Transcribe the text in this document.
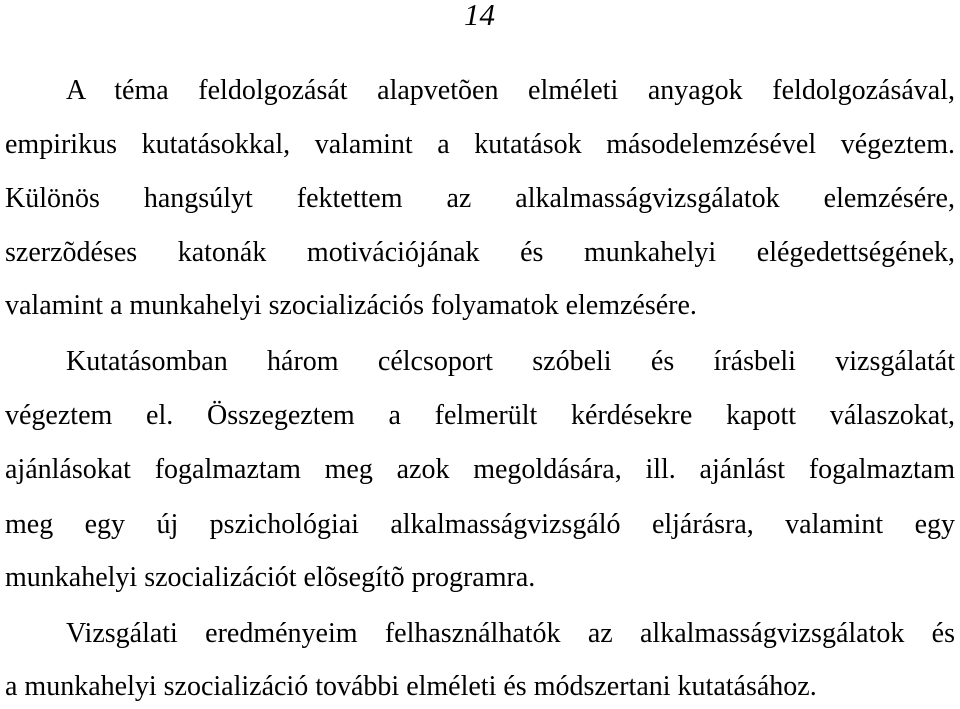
14
A téma feldolgozását alapvetõen elméleti anyagok feldolgozásával,
empirikus kutatásokkal, valamint a kutatások másodelemzésével végeztem.
Különös hangsúlyt fektettem az alkalmasságvizsgálatok elemzésére,
szerzõdéses katonák motivációjának és munkahelyi elégedettségének,
valamint a munkahelyi szocializációs folyamatok elemzésére.
Kutatásomban három célcsoport szóbeli és írásbeli vizsgálatát
végeztem el. Összegeztem a felmerült kérdésekre kapott válaszokat,
ajánlásokat fogalmaztam meg azok megoldására, ill. ajánlást fogalmaztam
meg egy új pszichológiai alkalmasságvizsgáló eljárásra, valamint egy
munkahelyi szocializációt elõsegítõ programra.
Vizsgálati eredményeim felhasználhatók az alkalmasságvizsgálatok és
a munkahelyi szocializáció további elméleti és módszertani kutatásához.
